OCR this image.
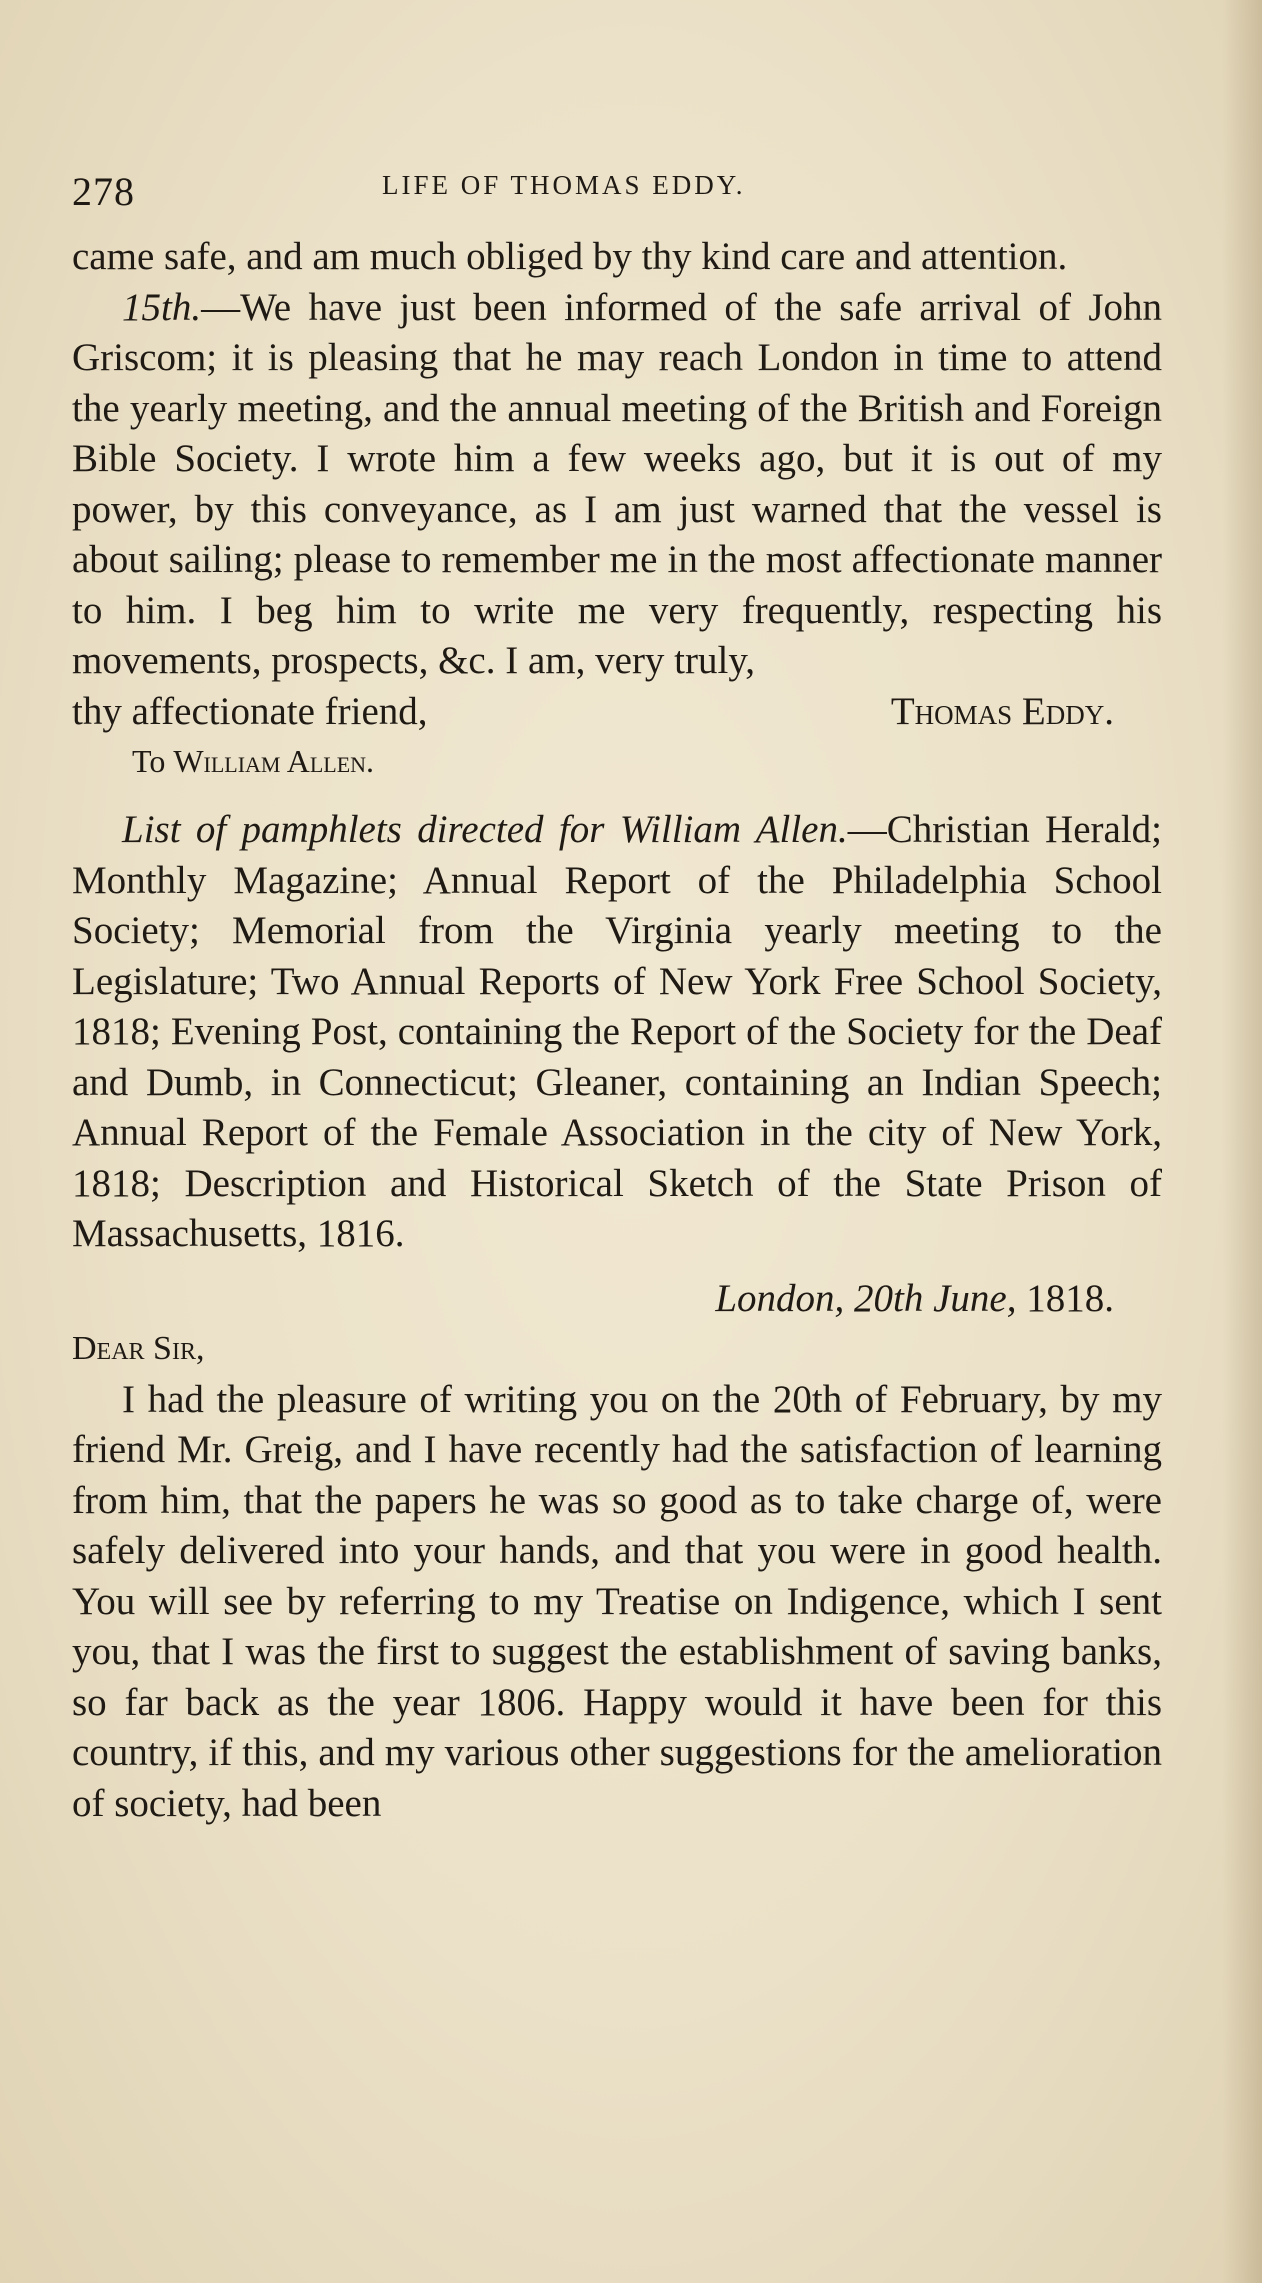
278	LIFE OF THOMAS EDDY.

came safe, and am much obliged by thy kind care and attention.

15th.—We have just been informed of the safe arrival of John Griscom; it is pleasing that he may reach London in time to attend the yearly meeting, and the annual meeting of the British and Foreign Bible Society. I wrote him a few weeks ago, but it is out of my power, by this conveyance, as I am just warned that the vessel is about sailing; please to remember me in the most affectionate manner to him. I beg him to write me very frequently, respecting his movements, prospects, &c. I am, very truly,

thy affectionate friend,	Thomas Eddy.

To William Allen.

List of pamphlets directed for William Allen.—Christian Herald; Monthly Magazine; Annual Report of the Philadelphia School Society; Memorial from the Virginia yearly meeting to the Legislature; Two Annual Reports of New York Free School Society, 1818; Evening Post, containing the Report of the Society for the Deaf and Dumb, in Connecticut; Gleaner, containing an Indian Speech; Annual Report of the Female Association in the city of New York, 1818; Description and Historical Sketch of the State Prison of Massachusetts, 1816.

London, 20th June, 1818.

Dear Sir,

I had the pleasure of writing you on the 20th of February, by my friend Mr. Greig, and I have recently had the satisfaction of learning from him, that the papers he was so good as to take charge of, were safely delivered into your hands, and that you were in good health. You will see by referring to my Treatise on Indigence, which I sent you, that I was the first to suggest the establishment of saving banks, so far back as the year 1806. Happy would it have been for this country, if this, and my various other suggestions for the amelioration of society, had been
